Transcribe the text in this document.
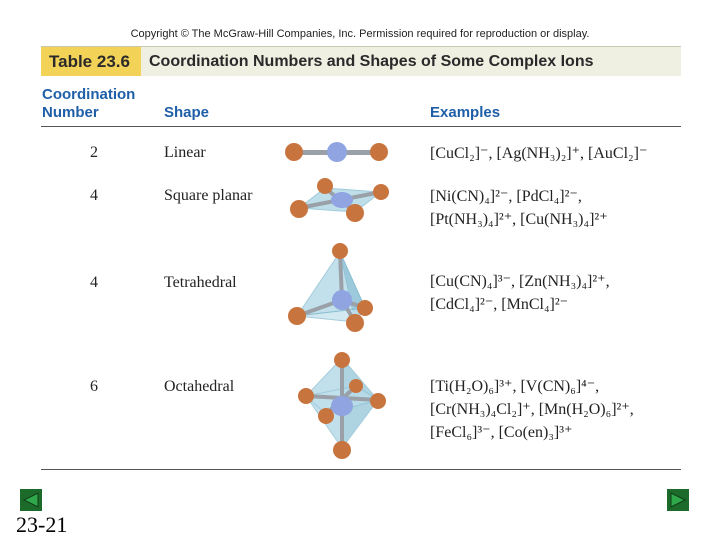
Copyright © The McGraw-Hill Companies, Inc. Permission required for reproduction or display.
Table 23.6	Coordination Numbers and Shapes of Some Complex Ions
Coordination
Number	Shape	Examples
2	Linear	[CuCl₂]⁻, [Ag(NH₃)₂]⁺, [AuCl₂]⁻
4	Square planar	[Ni(CN)₄]²⁻, [PdCl₄]²⁻,
[Pt(NH₃)₄]²⁺, [Cu(NH₃)₄]²⁺
4	Tetrahedral	[Cu(CN)₄]³⁻, [Zn(NH₃)₄]²⁺,
[CdCl₄]²⁻, [MnCl₄]²⁻
6	Octahedral	[Ti(H₂O)₆]³⁺, [V(CN)₆]⁴⁻,
[Cr(NH₃)₄Cl₂]⁺, [Mn(H₂O)₆]²⁺,
[FeCl₆]³⁻, [Co(en)₃]³⁺
23-21
